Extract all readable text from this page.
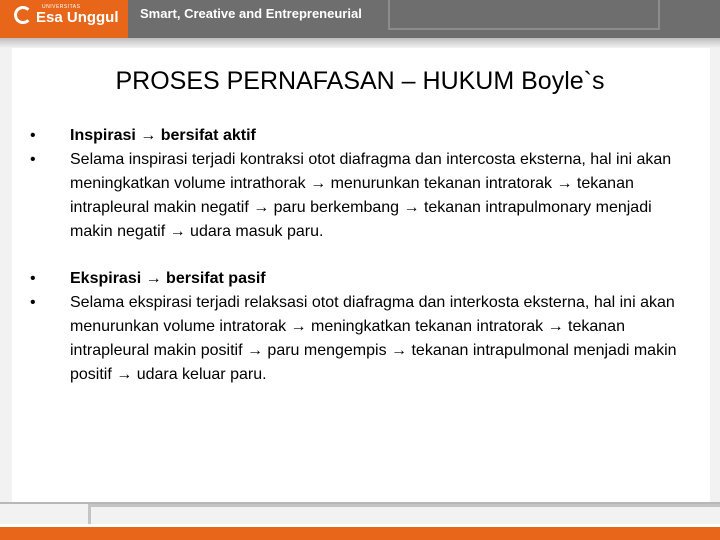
UNIVERSITAS
Esa Unggul Smart, Creative and Entrepreneurial
PROSES PERNAFASAN – HUKUM Boyle`s
•	Inspirasi → bersifat aktif
•	Selama inspirasi terjadi kontraksi otot diafragma dan intercosta eksterna, hal ini akan meningkatkan volume intrathorak → menurunkan tekanan intratorak → tekanan intrapleural makin negatif → paru berkembang → tekanan intrapulmonary menjadi makin negatif → udara masuk paru.
•	Ekspirasi → bersifat pasif
•	Selama ekspirasi terjadi relaksasi otot diafragma dan interkosta eksterna, hal ini akan menurunkan volume intratorak → meningkatkan tekanan intratorak → tekanan intrapleural makin positif → paru mengempis → tekanan intrapulmonal menjadi makin positif → udara keluar paru.
